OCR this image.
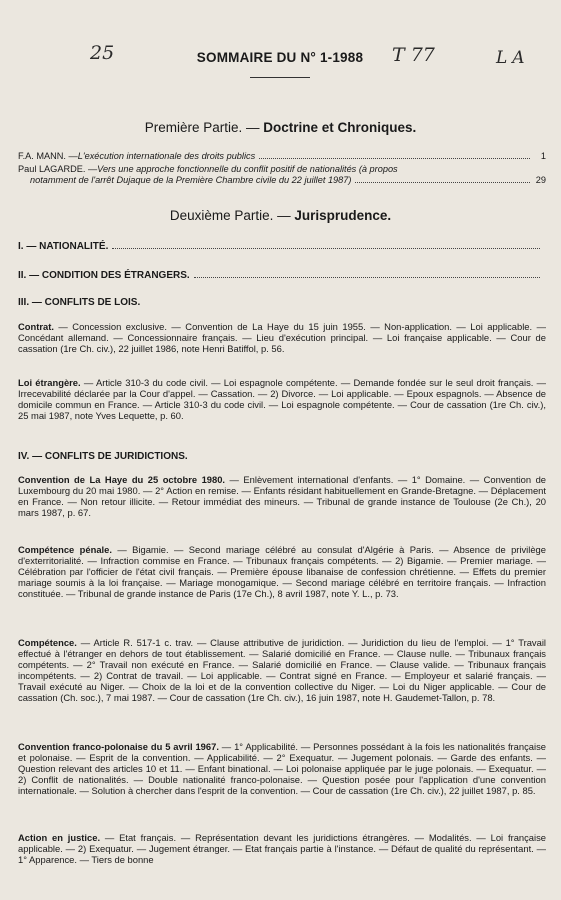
25	T 77	LA
SOMMAIRE DU N° 1-1988
Première Partie. — Doctrine et Chroniques.
F.A. MANN. — L'exécution internationale des droits publics	1
Paul LAGARDE. — Vers une approche fonctionnelle du conflit positif de nationalités (à propos
notamment de l'arrêt Dujaque de la Première Chambre civile du 22 juillet 1987)	29
Deuxième Partie. — Jurisprudence.
I. — NATIONALITÉ.
II. — CONDITION DES ÉTRANGERS.
III. — CONFLITS DE LOIS.
Contrat. — Concession exclusive. — Convention de La Haye du 15 juin 1955. — Non-application. — Loi applicable. — Concédant allemand. — Concessionnaire français. — Lieu d'exécution principal. — Loi française applicable. — Cour de cassation (1re Ch. civ.), 22 juillet 1986, note Henri Batiffol, p. 56.
Loi étrangère. — Article 310-3 du code civil. — Loi espagnole compétente. — Demande fondée sur le seul droit français. — Irrecevabilité déclarée par la Cour d'appel. — Cassation. — 2) Divorce. — Loi applicable. — Epoux espagnols. — Absence de domicile commun en France. — Article 310-3 du code civil. — Loi espagnole compétente. — Cour de cassation (1re Ch. civ.), 25 mai 1987, note Yves Lequette, p. 60.
IV. — CONFLITS DE JURIDICTIONS.
Convention de La Haye du 25 octobre 1980. — Enlèvement international d'enfants. — 1° Domaine. — Convention de Luxembourg du 20 mai 1980. — 2° Action en remise. — Enfants résidant habituellement en Grande-Bretagne. — Déplacement en France. — Non retour illicite. — Retour immédiat des mineurs. — Tribunal de grande instance de Toulouse (2e Ch.), 20 mars 1987, p. 67.
Compétence pénale. — Bigamie. — Second mariage célébré au consulat d'Algérie à Paris. — Absence de privilège d'exterritorialité. — Infraction commise en France. — Tribunaux français compétents. — 2) Bigamie. — Premier mariage. — Célébration par l'officier de l'état civil français. — Première épouse libanaise de confession chrétienne. — Effets du premier mariage soumis à la loi française. — Mariage monogamique. — Second mariage célébré en territoire français. — Infraction constituée. — Tribunal de grande instance de Paris (17e Ch.), 8 avril 1987, note Y. L., p. 73.
Compétence. — Article R. 517-1 c. trav. — Clause attributive de juridiction. — Juridiction du lieu de l'emploi. — 1° Travail effectué à l'étranger en dehors de tout établissement. — Salarié domicilié en France. — Clause nulle. — Tribunaux français compétents. — 2° Travail non exécuté en France. — Salarié domicilié en France. — Clause valide. — Tribunaux français incompétents. — 2) Contrat de travail. — Loi applicable. — Contrat signé en France. — Employeur et salarié français. — Travail exécuté au Niger. — Choix de la loi et de la convention collective du Niger. — Loi du Niger applicable. — Cour de cassation (Ch. soc.), 7 mai 1987. — Cour de cassation (1re Ch. civ.), 16 juin 1987, note H. Gaudemet-Tallon, p. 78.
Convention franco-polonaise du 5 avril 1967. — 1° Applicabilité. — Personnes possédant à la fois les nationalités française et polonaise. — Esprit de la convention. — Applicabilité. — 2° Exequatur. — Jugement polonais. — Garde des enfants. — Question relevant des articles 10 et 11. — Enfant binational. — Loi polonaise appliquée par le juge polonais. — Exequatur. — 2) Conflit de nationalités. — Double nationalité franco-polonaise. — Question posée pour l'application d'une convention internationale. — Solution à chercher dans l'esprit de la convention. — Cour de cassation (1re Ch. civ.), 22 juillet 1987, p. 85.
Action en justice. — Etat français. — Représentation devant les juridictions étrangères. — Modalités. — Loi française applicable. — 2) Exequatur. — Jugement étranger. — Etat français partie à l'instance. — Défaut de qualité du représentant. — 1° Apparence. — Tiers de bonne
